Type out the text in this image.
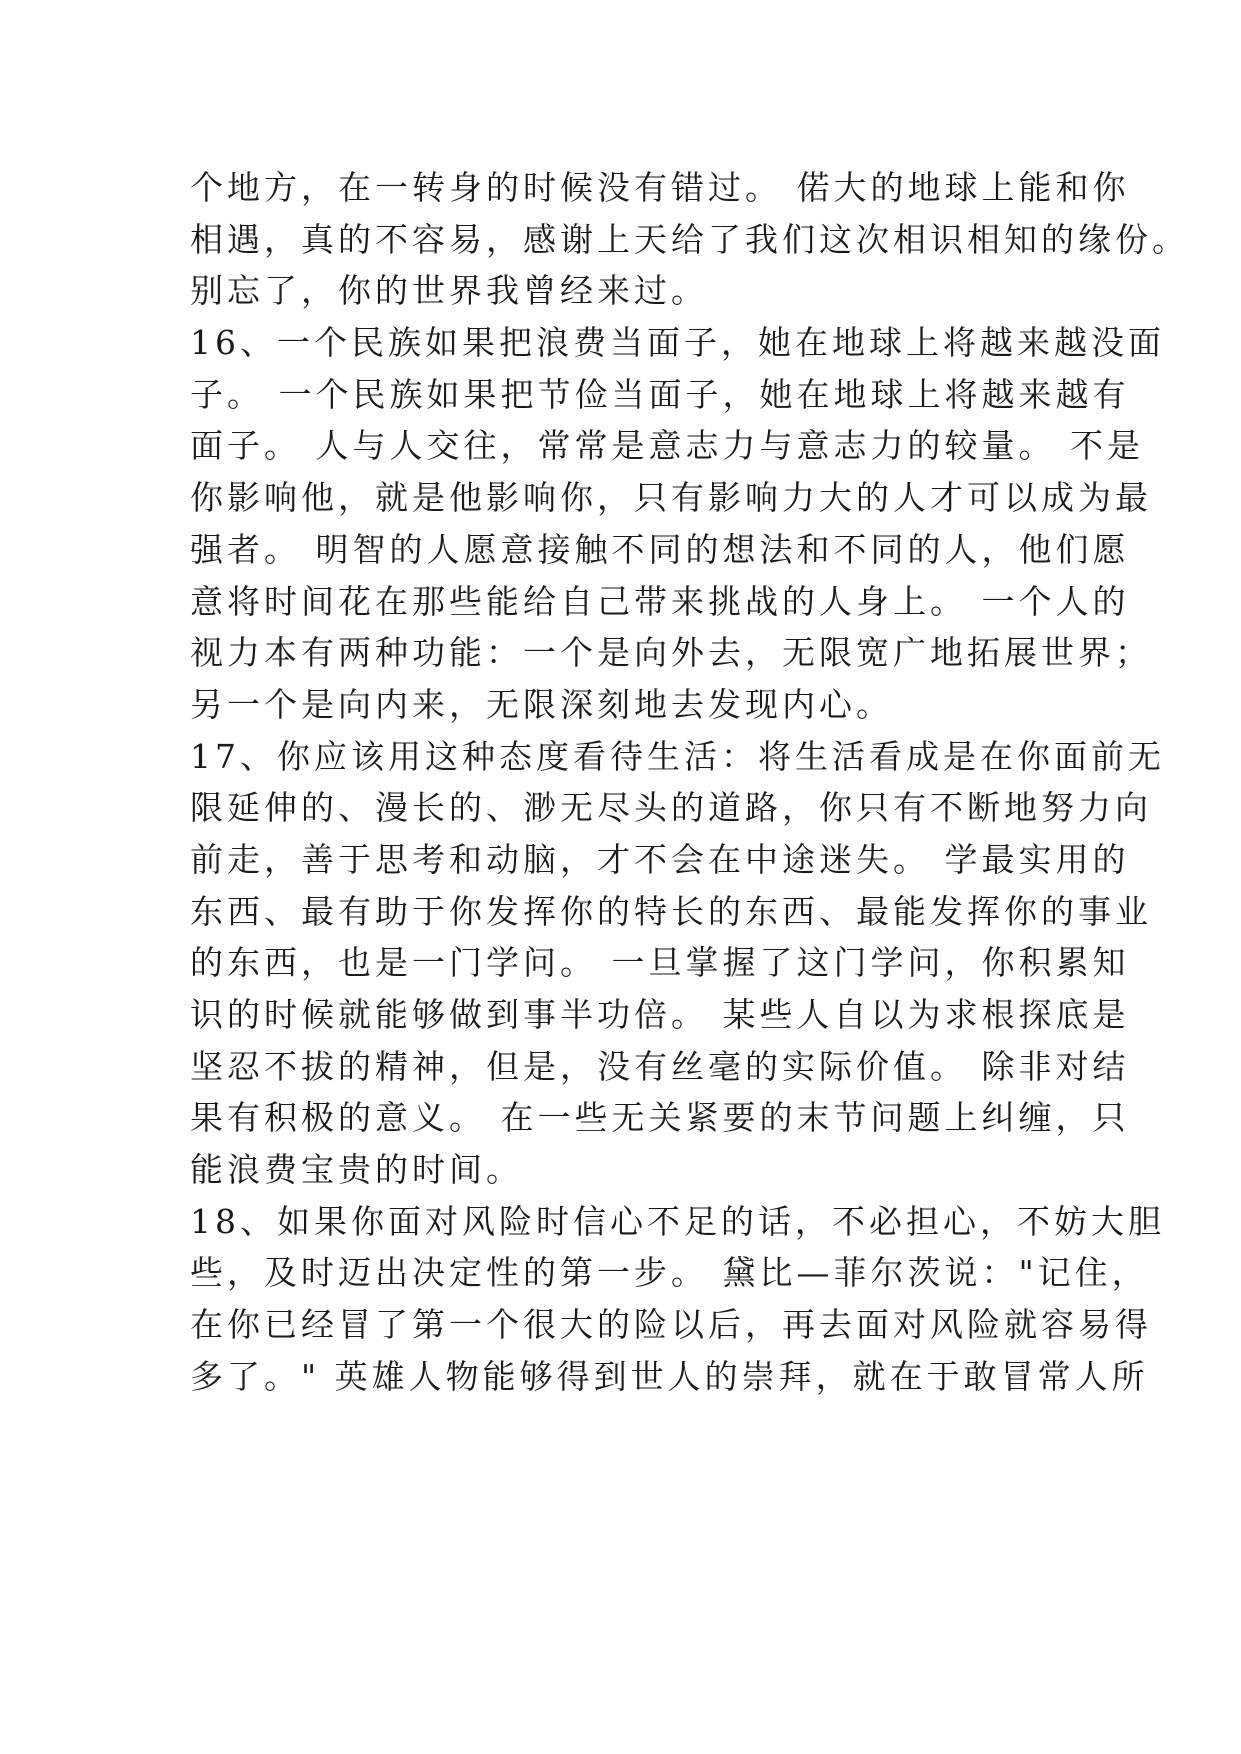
个地方，在一转身的时候没有错过。 偌大的地球上能和你
相遇，真的不容易，感谢上天给了我们这次相识相知的缘份。
别忘了，你的世界我曾经来过。
16、一个民族如果把浪费当面子，她在地球上将越来越没面
子。 一个民族如果把节俭当面子，她在地球上将越来越有
面子。 人与人交往，常常是意志力与意志力的较量。 不是
你影响他，就是他影响你，只有影响力大的人才可以成为最
强者。 明智的人愿意接触不同的想法和不同的人，他们愿
意将时间花在那些能给自己带来挑战的人身上。 一个人的
视力本有两种功能：一个是向外去，无限宽广地拓展世界；
另一个是向内来，无限深刻地去发现内心。
17、你应该用这种态度看待生活：将生活看成是在你面前无
限延伸的、漫长的、渺无尽头的道路，你只有不断地努力向
前走，善于思考和动脑，才不会在中途迷失。 学最实用的
东西、最有助于你发挥你的特长的东西、最能发挥你的事业
的东西，也是一门学问。 一旦掌握了这门学问，你积累知
识的时候就能够做到事半功倍。 某些人自以为求根探底是
坚忍不拔的精神，但是，没有丝毫的实际价值。 除非对结
果有积极的意义。 在一些无关紧要的末节问题上纠缠，只
能浪费宝贵的时间。
18、如果你面对风险时信心不足的话，不必担心，不妨大胆
些，及时迈出决定性的第一步。 黛比—菲尔茨说："记住，
在你已经冒了第一个很大的险以后，再去面对风险就容易得
多了。" 英雄人物能够得到世人的崇拜，就在于敢冒常人所
